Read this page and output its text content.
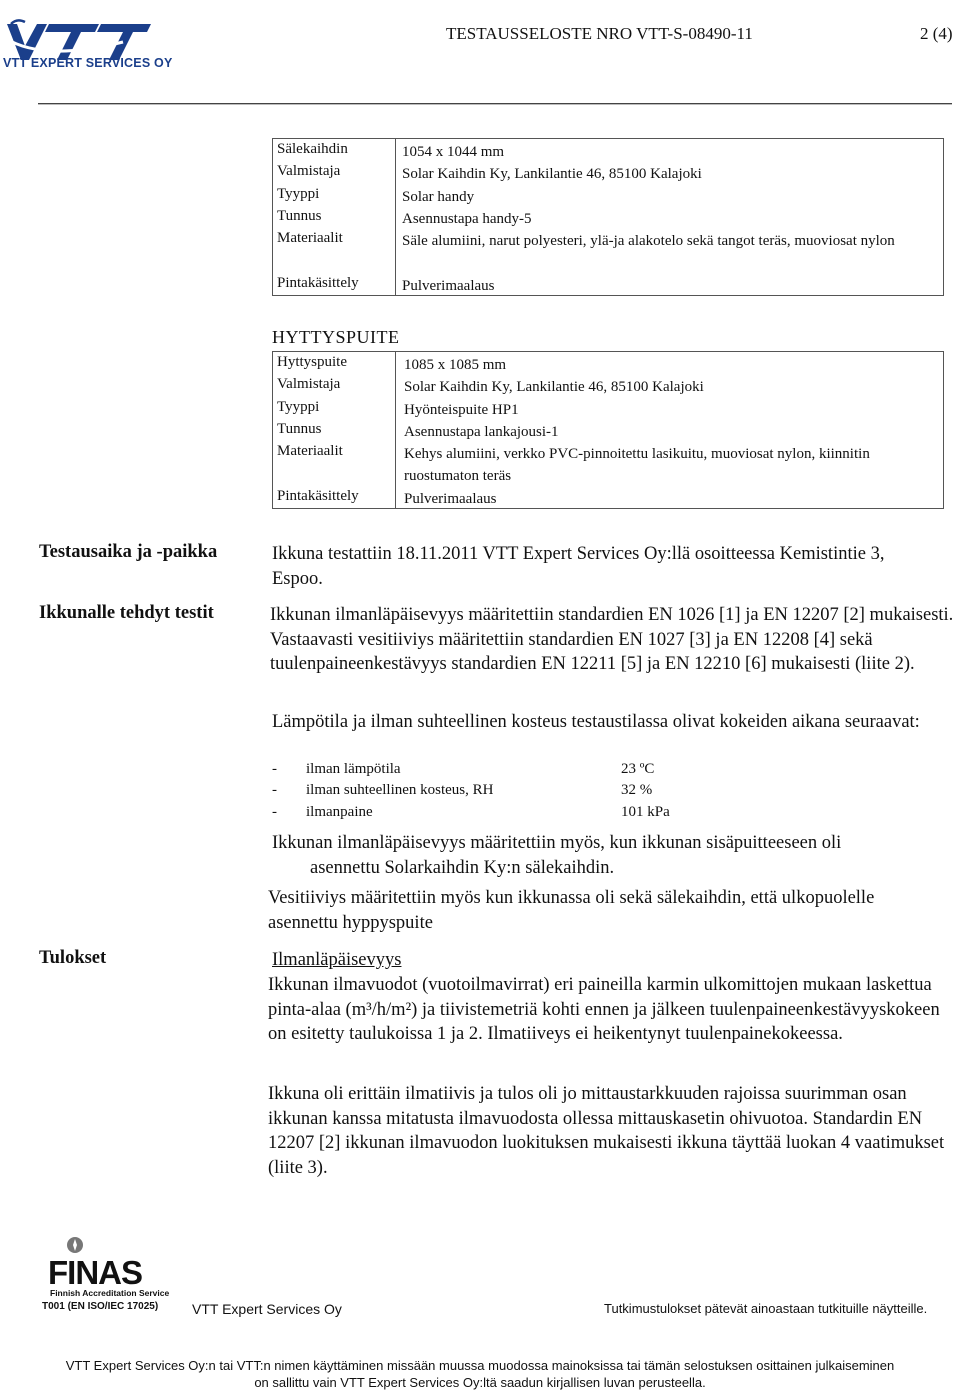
VTT EXPERT SERVICES OY
TESTAUSSELOSTE NRO VTT-S-08490-11	2 (4)
Sälekaihdin	1054 x 1044 mm
Valmistaja	Solar Kaihdin Ky, Lankilantie 46, 85100 Kalajoki
Tyyppi	Solar handy
Tunnus	Asennustapa handy-5
Materiaalit	Säle alumiini, narut polyesteri, ylä-ja alakotelo sekä tangot teräs, muoviosat nylon
Pintakäsittely	Pulverimaalaus
HYTTYSPUITE
Hyttyspuite	1085 x 1085 mm
Valmistaja	Solar Kaihdin Ky, Lankilantie 46, 85100 Kalajoki
Tyyppi	Hyönteispuite HP1
Tunnus	Asennustapa lankajousi-1
Materiaalit	Kehys alumiini, verkko PVC-pinnoitettu lasikuitu, muoviosat nylon, kiinnitin ruostumaton teräs
Pintakäsittely	Pulverimaalaus
Testausaika ja -paikka	Ikkuna testattiin 18.11.2011 VTT Expert Services Oy:llä osoitteessa Kemistintie 3, Espoo.
Ikkunalle tehdyt testit	Ikkunan ilmanläpäisevyys määritettiin standardien EN 1026 [1] ja EN 12207 [2] mukaisesti. Vastaavasti vesitiiviys määritettiin standardien EN 1027 [3] ja EN 12208 [4] sekä tuulenpaineenkestävyys standardien EN 12211 [5] ja EN 12210 [6] mukaisesti (liite 2).
Lämpötila ja ilman suhteellinen kosteus testaustilassa olivat kokeiden aikana seuraavat:
- ilman lämpötila	23 ºC
- ilman suhteellinen kosteus, RH	32 %
- ilmanpaine	101 kPa
Ikkunan ilmanläpäisevyys määritettiin myös, kun ikkunan sisäpuitteeseen oli
asennettu Solarkaihdin Ky:n sälekaihdin.
Vesitiiviys määritettiin myös kun ikkunassa oli sekä sälekaihdin, että ulkopuolelle asennettu hyppyspuite
Tulokset	Ilmanläpäisevyys
Ikkunan ilmavuodot (vuotoilmavirrat) eri paineilla karmin ulkomittojen mukaan laskettua pinta-alaa (m³/h/m²) ja tiivistemetriä kohti ennen ja jälkeen tuulenpaineenkestävyyskokeen on esitetty taulukoissa 1 ja 2. Ilmatiiveys ei heikentynyt tuulenpainekokeessa.
Ikkuna oli erittäin ilmatiivis ja tulos oli jo mittaustarkkuuden rajoissa suurimman osan ikkunan kanssa mitatusta ilmavuodosta ollessa mittauskasetin ohivuotoa. Standardin EN 12207 [2] ikkunan ilmavuodon luokituksen mukaisesti ikkuna täyttää luokan 4 vaatimukset (liite 3).
FINAS
Finnish Accreditation Service
T001 (EN ISO/IEC 17025) VTT Expert Services Oy	Tutkimustulokset pätevät ainoastaan tutkituille näytteille.
VTT Expert Services Oy:n tai VTT:n nimen käyttäminen missään muussa muodossa mainoksissa tai tämän selostuksen osittainen julkaiseminen
on sallittu vain VTT Expert Services Oy:ltä saadun kirjallisen luvan perusteella.
